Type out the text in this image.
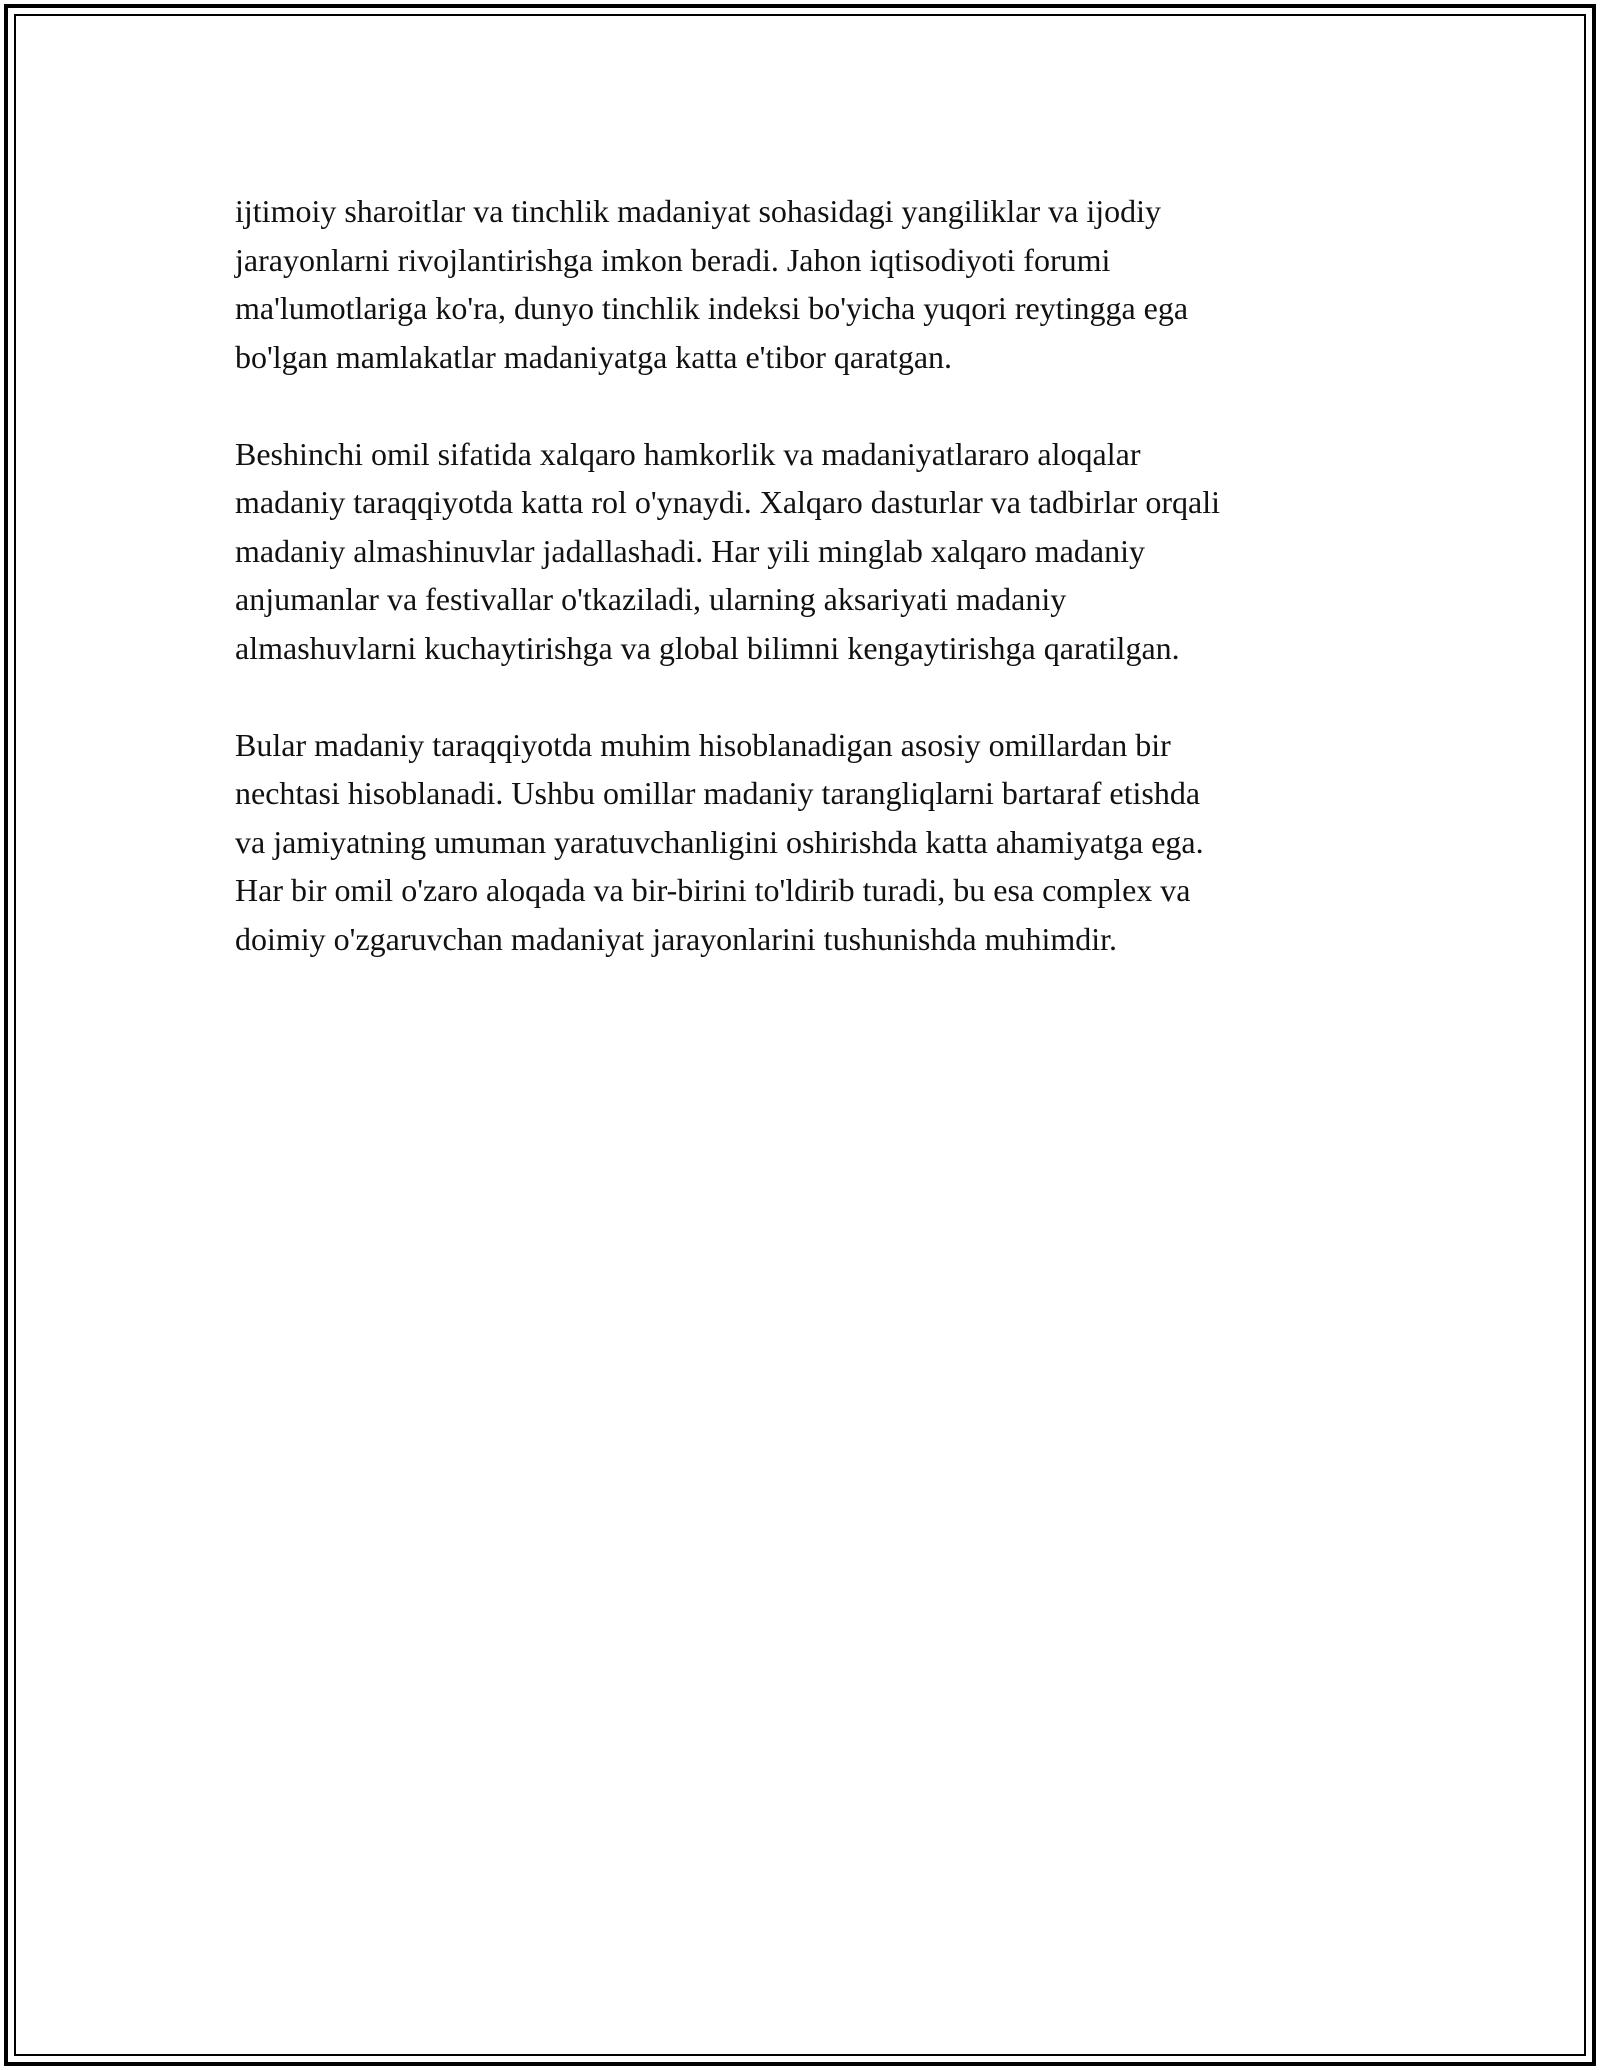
ijtimoiy sharoitlar va tinchlik madaniyat sohasidagi yangiliklar va ijodiy
jarayonlarni rivojlantirishga imkon beradi. Jahon iqtisodiyoti forumi
ma'lumotlariga ko'ra, dunyo tinchlik indeksi bo'yicha yuqori reytingga ega
bo'lgan mamlakatlar madaniyatga katta e'tibor qaratgan.

Beshinchi omil sifatida xalqaro hamkorlik va madaniyatlararo aloqalar
madaniy taraqqiyotda katta rol o'ynaydi. Xalqaro dasturlar va tadbirlar orqali
madaniy almashinuvlar jadallashadi. Har yili minglab xalqaro madaniy
anjumanlar va festivallar o'tkaziladi, ularning aksariyati madaniy
almashuvlarni kuchaytirishga va global bilimni kengaytirishga qaratilgan.

Bular madaniy taraqqiyotda muhim hisoblanadigan asosiy omillardan bir
nechtasi hisoblanadi. Ushbu omillar madaniy tarangliqlarni bartaraf etishda
va jamiyatning umuman yaratuvchanligini oshirishda katta ahamiyatga ega.
Har bir omil o'zaro aloqada va bir-birini to'ldirib turadi, bu esa complex va
doimiy o'zgaruvchan madaniyat jarayonlarini tushunishda muhimdir.
